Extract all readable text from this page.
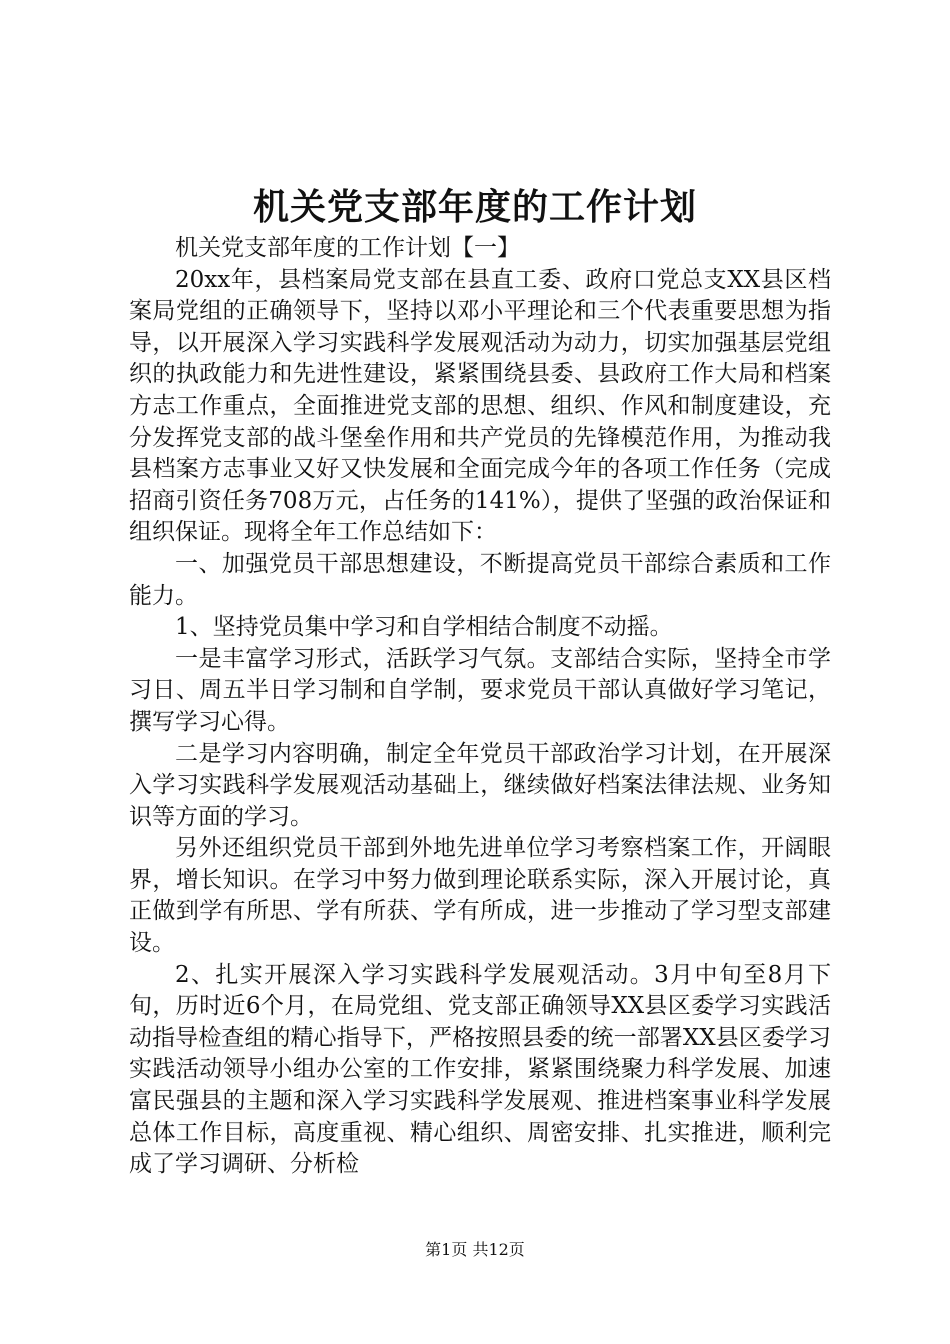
机关党支部年度的工作计划

机关党支部年度的工作计划【一】

20xx年，县档案局党支部在县直工委、政府口党总支XX县区档案局党组的正确领导下，坚持以邓小平理论和三个代表重要思想为指导，以开展深入学习实践科学发展观活动为动力，切实加强基层党组织的执政能力和先进性建设，紧紧围绕县委、县政府工作大局和档案方志工作重点，全面推进党支部的思想、组织、作风和制度建设，充分发挥党支部的战斗堡垒作用和共产党员的先锋模范作用，为推动我县档案方志事业又好又快发展和全面完成今年的各项工作任务（完成招商引资任务708万元，占任务的141%），提供了坚强的政治保证和组织保证。现将全年工作总结如下：

一、加强党员干部思想建设，不断提高党员干部综合素质和工作能力。

1、坚持党员集中学习和自学相结合制度不动摇。

一是丰富学习形式，活跃学习气氛。支部结合实际，坚持全市学习日、周五半日学习制和自学制，要求党员干部认真做好学习笔记，撰写学习心得。

二是学习内容明确，制定全年党员干部政治学习计划，在开展深入学习实践科学发展观活动基础上，继续做好档案法律法规、业务知识等方面的学习。

另外还组织党员干部到外地先进单位学习考察档案工作，开阔眼界，增长知识。在学习中努力做到理论联系实际，深入开展讨论，真正做到学有所思、学有所获、学有所成，进一步推动了学习型支部建设。

2、扎实开展深入学习实践科学发展观活动。3月中旬至8月下旬，历时近6个月，在局党组、党支部正确领导XX县区委学习实践活动指导检查组的精心指导下，严格按照县委的统一部署XX县区委学习实践活动领导小组办公室的工作安排，紧紧围绕聚力科学发展、加速富民强县的主题和深入学习实践科学发展观、推进档案事业科学发展总体工作目标，高度重视、精心组织、周密安排、扎实推进，顺利完成了学习调研、分析检

第1页 共12页
